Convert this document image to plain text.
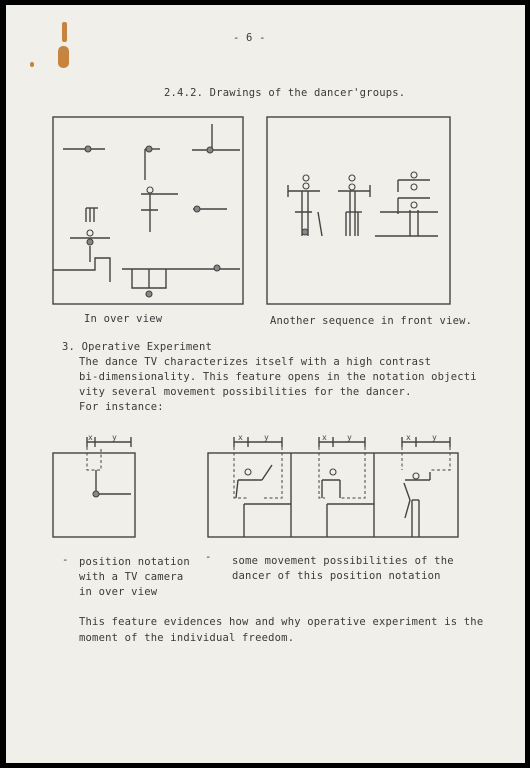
- 6 -
2.4.2. Drawings of the dancer'groups.
x y	x	y	x	y	x	y
In over view	Another sequence in front view.
3. Operative Experiment
The dance TV characterizes itself with a high contrast
bi-dimensionality. This feature opens in the notation objecti
vity several movement possibilities for the dancer.
For instance:
- position notation
with a TV camera
in over view
- some movement possibilities of the
dancer of this position notation
This feature evidences how and why operative experiment is the
moment of the individual freedom.
